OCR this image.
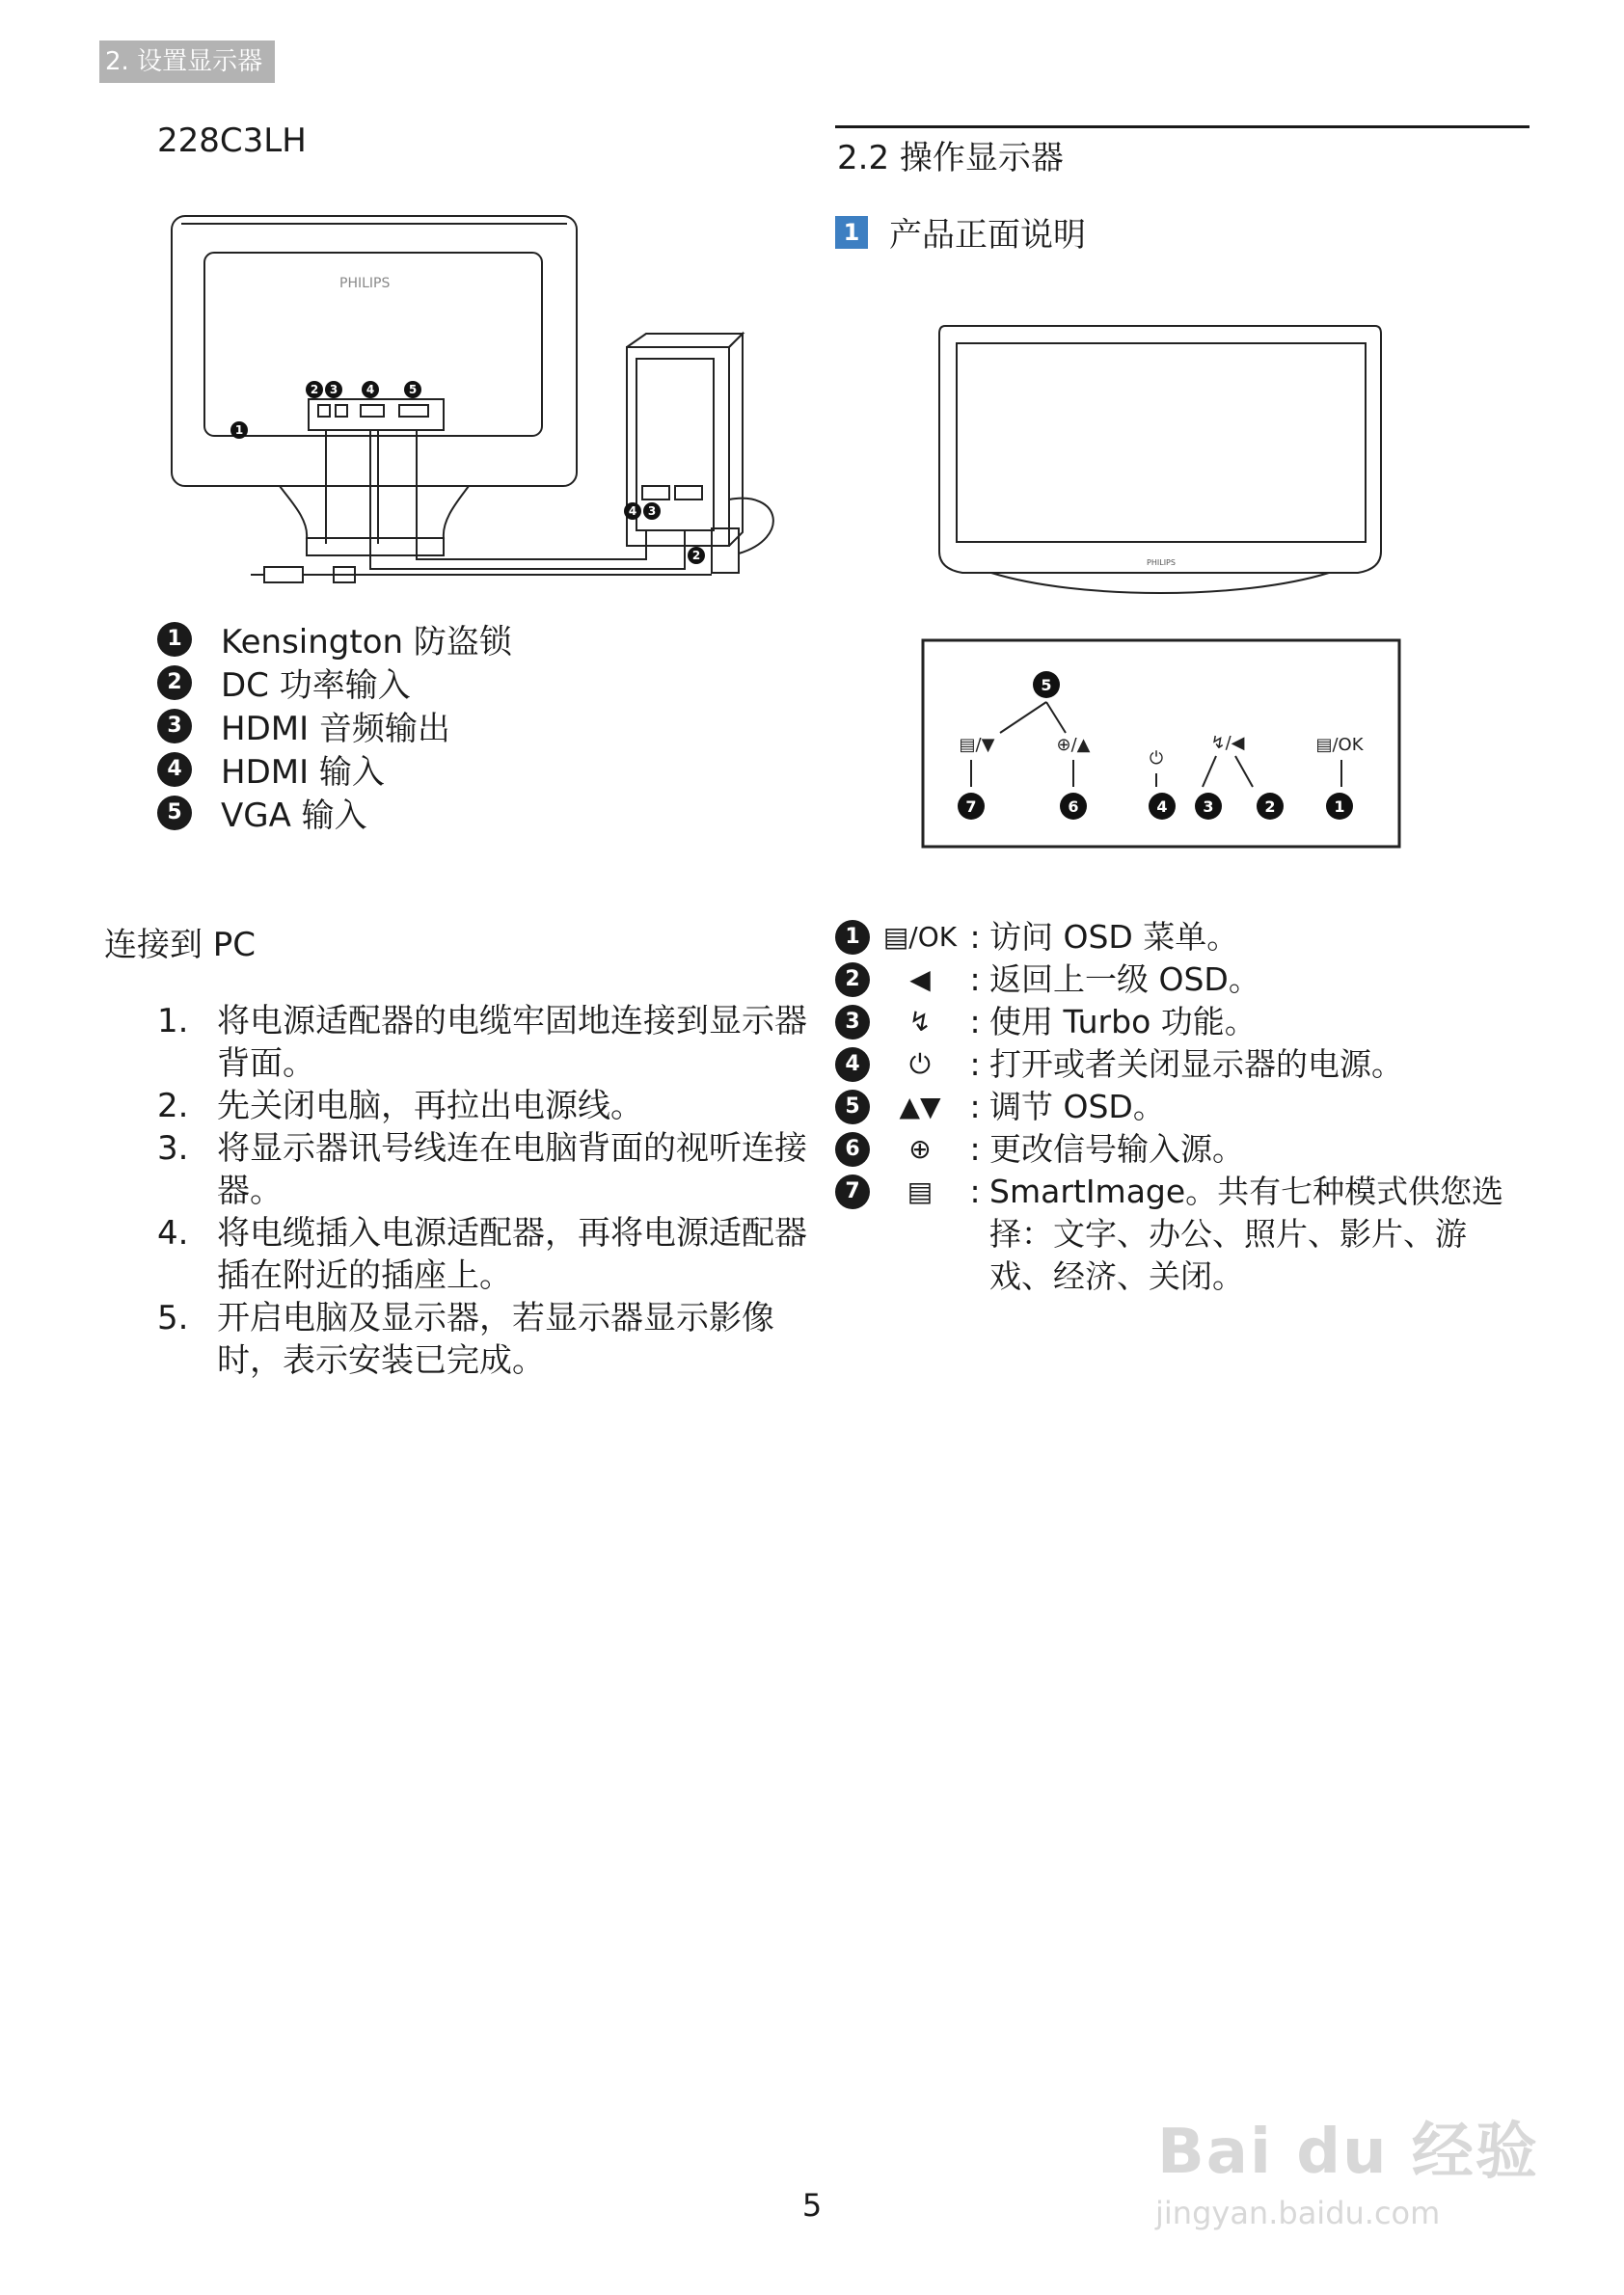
2. 设置显示器
228C3LH
PHILIPS
1
2 3 4	5
4 3
2
1	Kensington 防盗锁
2	DC 功率输入
3	HDMI 音频输出
4	HDMI 输入
5	VGA 输入
连接到 PC
1. 将电源适配器的电缆牢固地连接到显示器背面。
2. 先关闭电脑，再拉出电源线。
3. 将显示器讯号线连在电脑背面的视听连接器。
4. 将电缆插入电源适配器，再将电源适配器插在附近的插座上。
5. 开启电脑及显示器，若显示器显示影像时，表示安装已完成。
2.2 操作显示器
1 产品正面说明
PHILIPS
▤/▼	⊕/▲
⏻
↯/◀	▤/OK
5
7	6	4 3	2	1
1 ▤/OK : 访问 OSD 菜单。
2	◀	: 返回上一级 OSD。
3	↯	: 使用 Turbo 功能。
4	⏻	: 打开或者关闭显示器的电源。
5	▲▼ : 调节 OSD。
6	⊕	: 更改信号输入源。
7	▤	: SmartImage。共有七种模式供您选择：文字、办公、照片、影片、游戏、经济、关闭。
5
Bai du 经验
jingyan.baidu.com
